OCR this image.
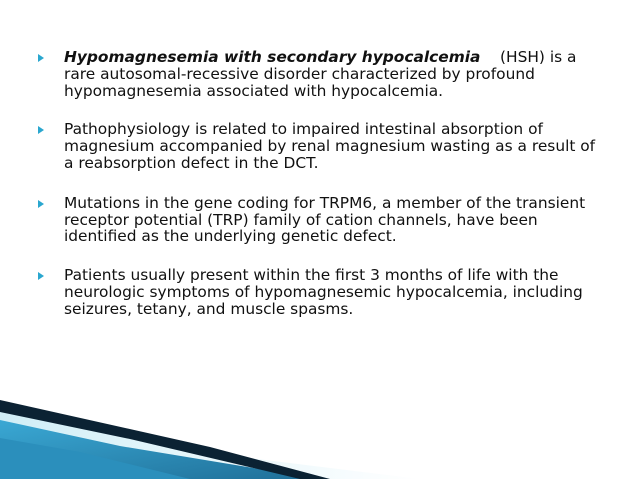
Hypomagnesemia with secondary hypocalcemia (HSH) is a rare autosomal-recessive disorder characterized by profound hypomagnesemia associated with hypocalcemia.
Pathophysiology is related to impaired intestinal absorption of magnesium accompanied by renal magnesium wasting as a result of a reabsorption defect in the DCT.
Mutations in the gene coding for TRPM6, a member of the transient receptor potential (TRP) family of cation channels, have been identified as the underlying genetic defect.
Patients usually present within the first 3 months of life with the neurologic symptoms of hypomagnesemic hypocalcemia, including seizures, tetany, and muscle spasms.
